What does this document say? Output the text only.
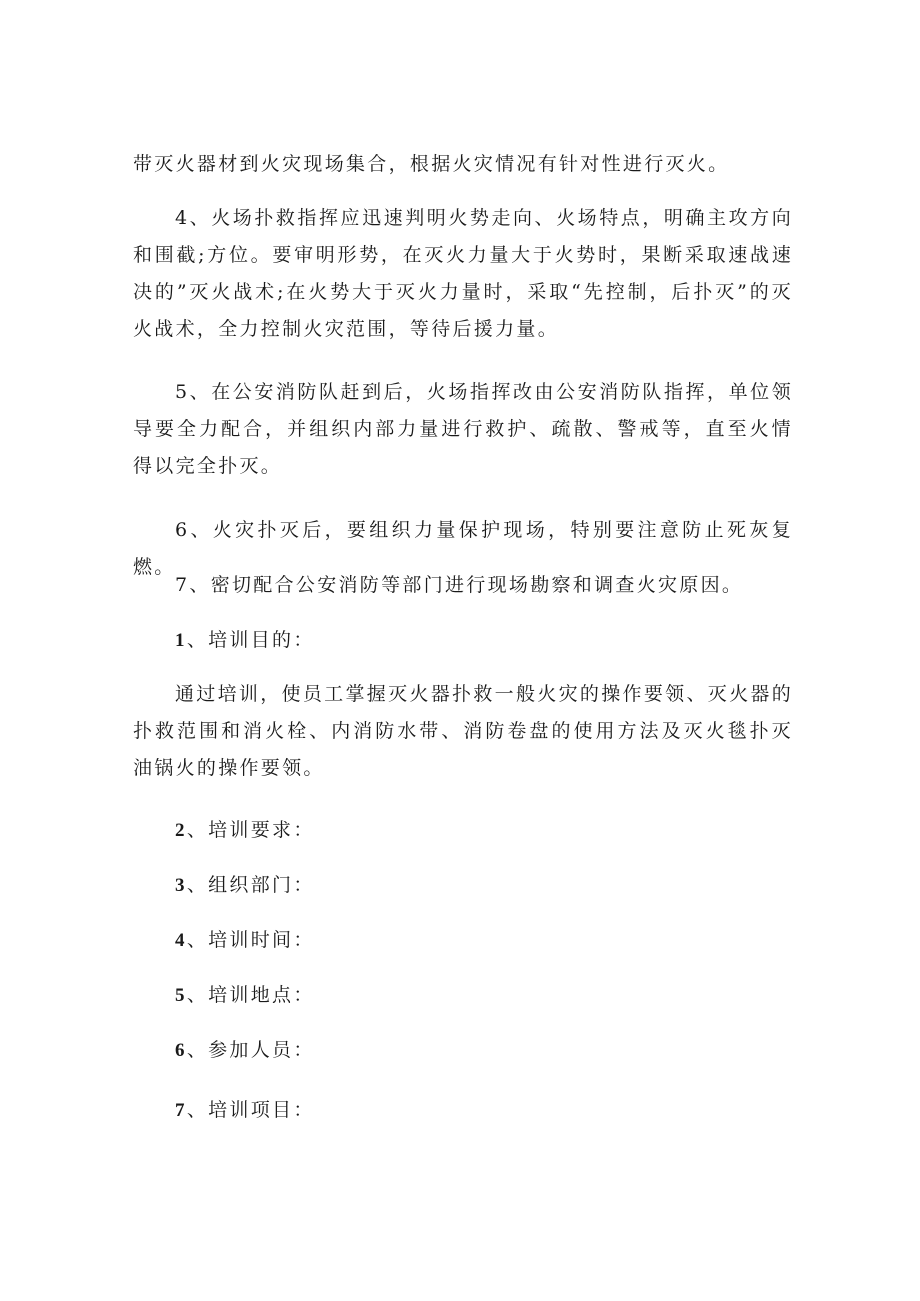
带灭火器材到火灾现场集合，根据火灾情况有针对性进行灭火。

4、火场扑救指挥应迅速判明火势走向、火场特点，明确主攻方向和围截;方位。要审明形势，在灭火力量大于火势时，果断采取速战速决的”灭火战术;在火势大于灭火力量时，采取“先控制，后扑灭”的灭火战术，全力控制火灾范围，等待后援力量。

5、在公安消防队赶到后，火场指挥改由公安消防队指挥，单位领导要全力配合，并组织内部力量进行救护、疏散、警戒等，直至火情得以完全扑灭。

6、火灾扑灭后，要组织力量保护现场，特别要注意防止死灰复燃。

7、密切配合公安消防等部门进行现场勘察和调查火灾原因。

1、培训目的：

通过培训，使员工掌握灭火器扑救一般火灾的操作要领、灭火器的扑救范围和消火栓、内消防水带、消防卷盘的使用方法及灭火毯扑灭油锅火的操作要领。

2、培训要求：

3、组织部门：

4、培训时间：

5、培训地点：

6、参加人员：

7、培训项目：
